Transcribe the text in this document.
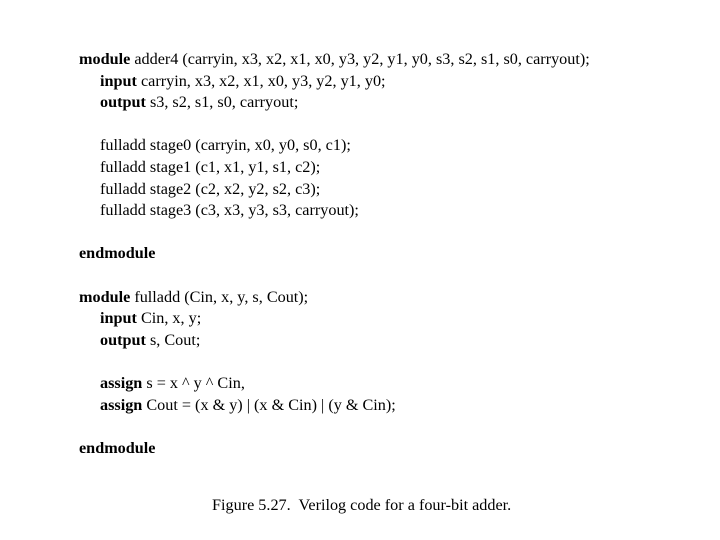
module adder4 (carryin, x3, x2, x1, x0, y3, y2, y1, y0, s3, s2, s1, s0, carryout);
input carryin, x3, x2, x1, x0, y3, y2, y1, y0;
output s3, s2, s1, s0, carryout;
fulladd stage0 (carryin, x0, y0, s0, c1);
fulladd stage1 (c1, x1, y1, s1, c2);
fulladd stage2 (c2, x2, y2, s2, c3);
fulladd stage3 (c3, x3, y3, s3, carryout);
endmodule
module fulladd (Cin, x, y, s, Cout);
input Cin, x, y;
output s, Cout;
assign s = x ^ y ^ Cin,
assign Cout = (x & y) | (x & Cin) | (y & Cin);
endmodule
Figure 5.27.  Verilog code for a four-bit adder.
